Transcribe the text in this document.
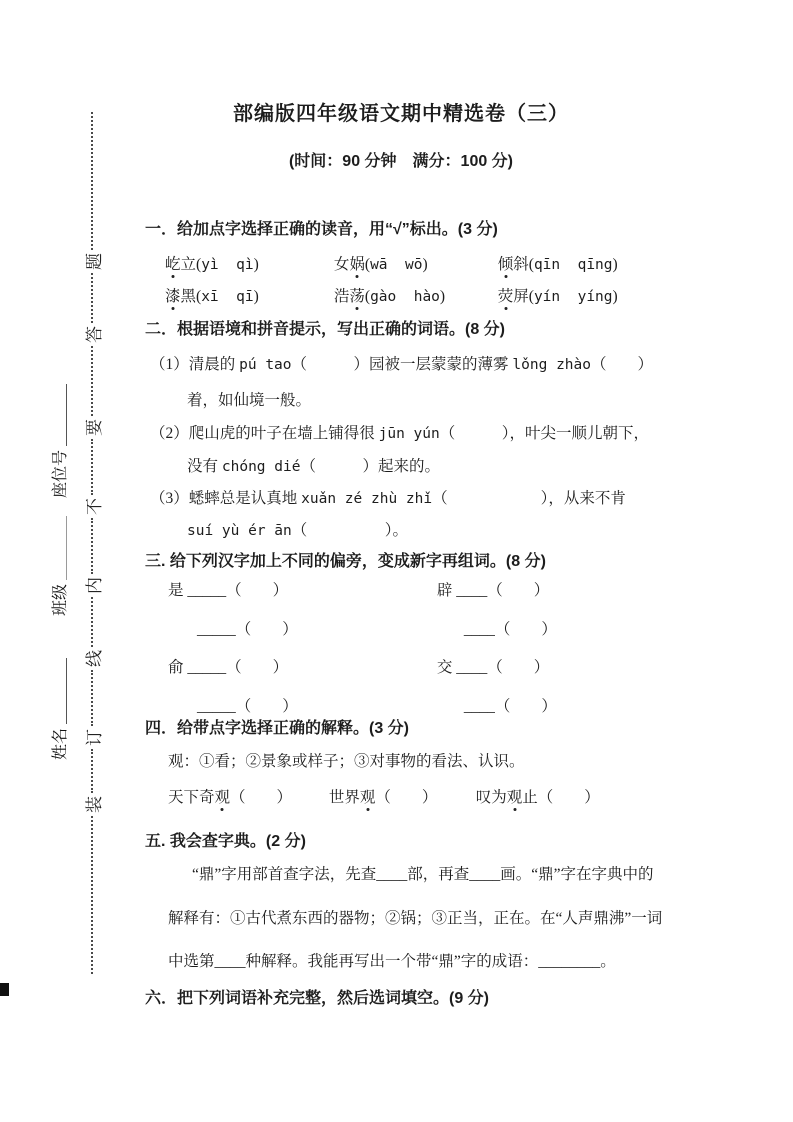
姓名
班级
座位号
装
订
线
内
不
要
答
题
部编版四年级语文期中精选卷（三）
(时间：90 分钟　满分：100 分)
一．给加点字选择正确的读音，用“√”标出。(3 分)
屹立(yì  qì)	女娲(wā  wō)	倾斜(qīn  qīng)
漆黑(xī  qī)	浩荡(gào  hào)	荧屏(yín  yíng)
二．根据语境和拼音提示，写出正确的词语。(8 分)
（1）清晨的 pú tao（　　　）园被一层蒙蒙的薄雾 lǒng zhào（　　）
着，如仙境一般。
（2）爬山虎的叶子在墙上铺得很 jūn yún（　　　），叶尖一顺儿朝下，
没有 chóng dié（　　　）起来的。
（3）蟋蟀总是认真地 xuǎn zé zhù zhǐ（　　　　　　），从来不肯
suí yù ér ān（　　　　　）。
三. 给下列汉字加上不同的偏旁，变成新字再组词。(8 分)
是 _____（　　）	辟 ____（　　）
_____（　　）	____（　　）
俞 _____（　　）	交 ____（　　）
_____（　　）	____（　　）
四．给带点字选择正确的解释。(3 分)
观：①看；②景象或样子；③对事物的看法、认识。
天下奇观（　　） 世界观（　　） 叹为观止（　　）
五. 我会查字典。(2 分)
“鼎”字用部首查字法，先查____部，再查____画。“鼎”字在字典中的
解释有：①古代煮东西的器物；②锅；③正当，正在。在“人声鼎沸”一词
中选第____种解释。我能再写出一个带“鼎”字的成语：________。
六．把下列词语补充完整，然后选词填空。(9 分)
